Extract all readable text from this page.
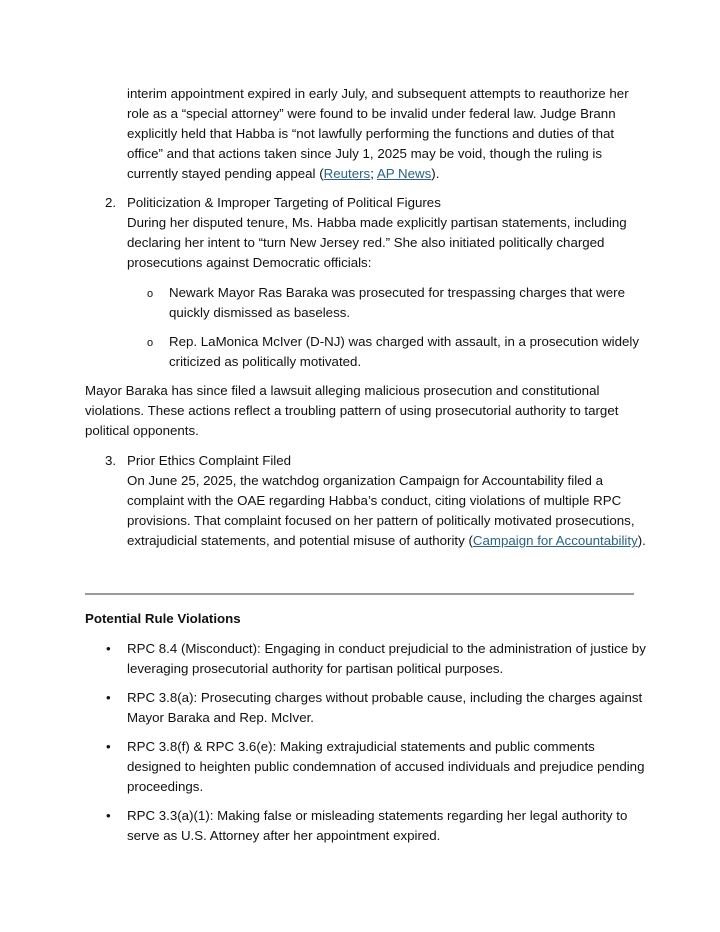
interim appointment expired in early July, and subsequent attempts to reauthorize her role as a “special attorney” were found to be invalid under federal law. Judge Brann explicitly held that Habba is “not lawfully performing the functions and duties of that office” and that actions taken since July 1, 2025 may be void, though the ruling is currently stayed pending appeal (Reuters; AP News).

2. Politicization & Improper Targeting of Political Figures

During her disputed tenure, Ms. Habba made explicitly partisan statements, including declaring her intent to “turn New Jersey red.” She also initiated politically charged prosecutions against Democratic officials:

o Newark Mayor Ras Baraka was prosecuted for trespassing charges that were quickly dismissed as baseless.

o Rep. LaMonica McIver (D-NJ) was charged with assault, in a prosecution widely criticized as politically motivated.

Mayor Baraka has since filed a lawsuit alleging malicious prosecution and constitutional violations. These actions reflect a troubling pattern of using prosecutorial authority to target political opponents.

3. Prior Ethics Complaint Filed

On June 25, 2025, the watchdog organization Campaign for Accountability filed a complaint with the OAE regarding Habba’s conduct, citing violations of multiple RPC provisions. That complaint focused on her pattern of politically motivated prosecutions, extrajudicial statements, and potential misuse of authority (Campaign for Accountability).

Potential Rule Violations

• RPC 8.4 (Misconduct): Engaging in conduct prejudicial to the administration of justice by leveraging prosecutorial authority for partisan political purposes.

• RPC 3.8(a): Prosecuting charges without probable cause, including the charges against Mayor Baraka and Rep. McIver.

• RPC 3.8(f) & RPC 3.6(e): Making extrajudicial statements and public comments designed to heighten public condemnation of accused individuals and prejudice pending proceedings.

• RPC 3.3(a)(1): Making false or misleading statements regarding her legal authority to serve as U.S. Attorney after her appointment expired.
